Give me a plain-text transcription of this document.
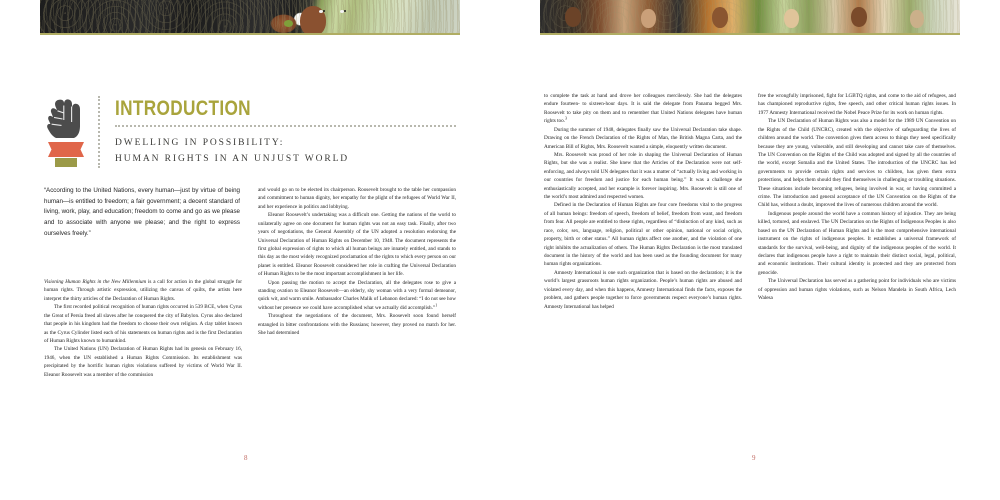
INTRODUCTION
DWELLING IN POSSIBILITY:
HUMAN RIGHTS IN AN UNJUST WORLD
“According to the United Nations, every human—just by virtue of being human—is entitled to freedom; a fair government; a decent standard of living, work, play, and education; freedom to come and go as we please and to associate with anyone we please; and the right to express ourselves freely.”

Visioning Human Rights in the New Millennium is a call for action in the global struggle for human rights. Through artistic expression, utilizing the canvas of quilts, the artists here interpret the thirty articles of the Declaration of Human Rights.

The first recorded political recognition of human rights occurred in 539 BCE, when Cyrus the Great of Persia freed all slaves after he conquered the city of Babylon. Cyrus also declared that people in his kingdom had the freedom to choose their own religion. A clay tablet known as the Cyrus Cylinder listed each of his statements on human rights and is the first Declaration of Human Rights known to humankind.

The United Nations (UN) Declaration of Human Rights had its genesis on February 16, 1946, when the UN established a Human Rights Commission. Its establishment was precipitated by the horrific human rights violations suffered by victims of World War II. Eleanor Roosevelt was a member of the commission

and would go on to be elected its chairperson. Roosevelt brought to the table her compassion and commitment to human dignity, her empathy for the plight of the refugees of World War II, and her experience in politics and lobbying.

Eleanor Roosevelt’s undertaking was a difficult one. Getting the nations of the world to unilaterally agree on one document for human rights was not an easy task. Finally, after two years of negotiations, the General Assembly of the UN adopted a resolution endorsing the Universal Declaration of Human Rights on December 10, 1948. The document represents the first global expression of rights to which all human beings are innately entitled, and stands to this day as the most widely recognized proclamation of the rights to which every person on our planet is entitled. Eleanor Roosevelt considered her role in crafting the Universal Declaration of Human Rights to be the most important accomplishment in her life.

Upon passing the motion to accept the Declaration, all the delegates rose to give a standing ovation to Eleanor Roosevelt—an elderly, shy woman with a very formal demeanor, quick wit, and warm smile. Ambassador Charles Malik of Lebanon declared: “I do not see how without her presence we could have accomplished what we actually did accomplish.”$^1$

Throughout the negotiations of the document, Mrs. Roosevelt soon found herself entangled in bitter confrontations with the Russians; however, they proved no match for her. She had determined

8

to complete the task at hand and drove her colleagues mercilessly. She had the delegates endure fourteen- to sixteen-hour days. It is said the delegate from Panama begged Mrs. Roosevelt to take pity on them and to remember that United Nations delegates have human rights too.$^3$

During the summer of 1948, delegates finally saw the Universal Declaration take shape. Drawing on the French Declaration of the Rights of Man, the British Magna Carta, and the American Bill of Rights, Mrs. Roosevelt wanted a simple, eloquently written document.

Mrs. Roosevelt was proud of her role in shaping the Universal Declaration of Human Rights, but she was a realist. She knew that the Articles of the Declaration were not self-enforcing, and always told UN delegates that it was a matter of “actually living and working in our countries for freedom and justice for each human being.” It was a challenge she enthusiastically accepted, and her example is forever inspiring. Mrs. Roosevelt is still one of the world’s most admired and respected women.

Defined in the Declaration of Human Rights are four core freedoms vital to the progress of all human beings: freedom of speech, freedom of belief, freedom from want, and freedom from fear. All people are entitled to these rights, regardless of “distinction of any kind, such as race, color, sex, language, religion, political or other opinion, national or social origin, property, birth or other status.” All human rights affect one another, and the violation of one right inhibits the actualization of others. The Human Rights Declaration is the most translated document in the history of the world and has been used as the founding document for many human rights organizations.

Amnesty International is one such organization that is based on the declaration; it is the world’s largest grassroots human rights organization. People’s human rights are abused and violated every day, and when this happens, Amnesty International finds the facts, exposes the problem, and gathers people together to force governments respect everyone’s human rights. Amnesty International has helped

free the wrongfully imprisoned, fight for LGBTQ rights, and come to the aid of refugees, and has championed reproductive rights, free speech, and other critical human rights issues. In 1977 Amnesty International received the Nobel Peace Prize for its work on human rights.

The UN Declaration of Human Rights was also a model for the 1989 UN Convention on the Rights of the Child (UNCRC), created with the objective of safeguarding the lives of children around the world. The convention gives them access to things they need specifically because they are young, vulnerable, and still developing and cannot take care of themselves. The UN Convention on the Rights of the Child was adopted and signed by all the countries of the world, except Somalia and the United States. The introduction of the UNCRC has led governments to provide certain rights and services to children, has given them extra protections, and helps them should they find themselves in challenging or troubling situations. These situations include becoming refugees, being involved in war, or having committed a crime. The introduction and general acceptance of the UN Convention on the Rights of the Child has, without a doubt, improved the lives of numerous children around the world.

Indigenous people around the world have a common history of injustice. They are being killed, tortured, and enslaved. The UN Declaration on the Rights of Indigenous Peoples is also based on the UN Declaration of Human Rights and is the most comprehensive international instrument on the rights of indigenous peoples. It establishes a universal framework of standards for the survival, well-being, and dignity of the indigenous peoples of the world. It declares that indigenous people have a right to maintain their distinct social, legal, political, and economic institutions. Their cultural identity is protected and they are protected from genocide.

The Universal Declaration has served as a gathering point for individuals who are victims of oppression and human rights violations, such as Nelson Mandela in South Africa, Lech Walesa

9
